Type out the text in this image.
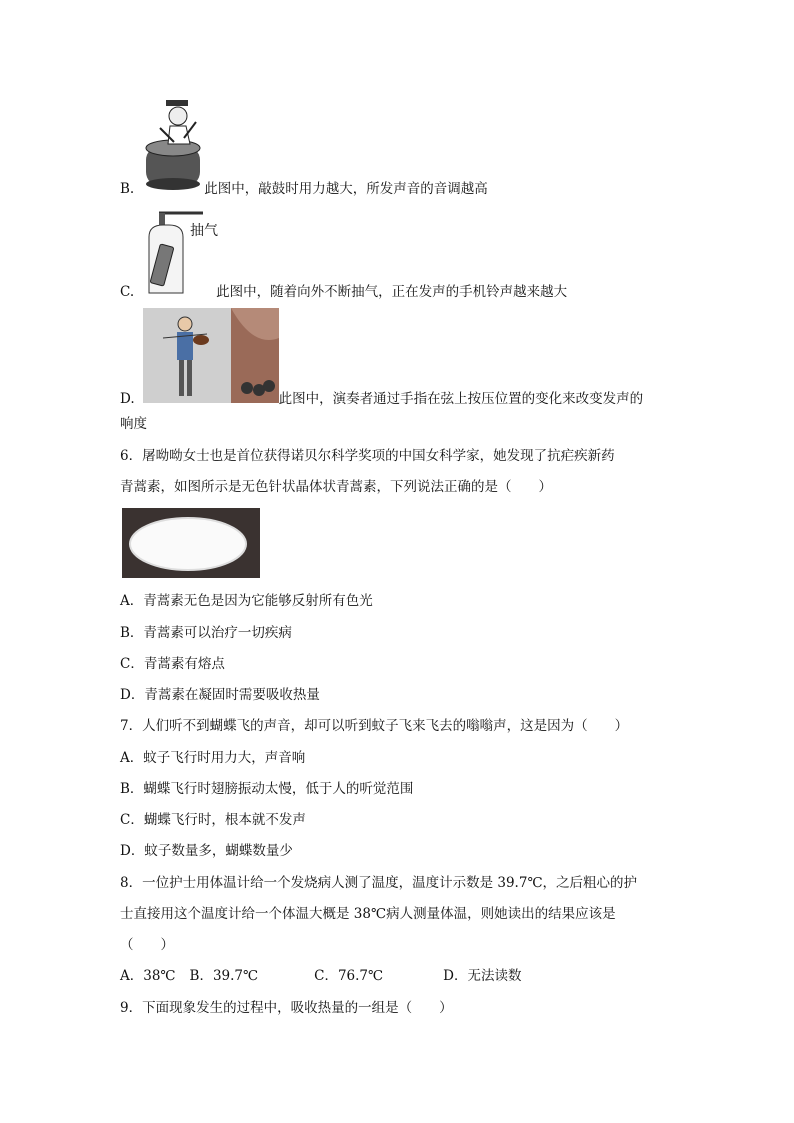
B.	此图中，敲鼓时用力越大，所发声音的音调越高
抽气
C.	此图中，随着向外不断抽气，正在发声的手机铃声越来越大
D.	此图中，演奏者通过手指在弦上按压位置的变化来改变发声的
响度
6．屠呦呦女士也是首位获得诺贝尔科学奖项的中国女科学家，她发现了抗疟疾新药
青蒿素，如图所示是无色针状晶体状青蒿素，下列说法正确的是（　　）
A．青蒿素无色是因为它能够反射所有色光
B．青蒿素可以治疗一切疾病
C．青蒿素有熔点
D．青蒿素在凝固时需要吸收热量
7．人们听不到蝴蝶飞的声音，却可以听到蚊子飞来飞去的嗡嗡声，这是因为（　　）
A．蚊子飞行时用力大，声音响
B．蝴蝶飞行时翅膀振动太慢，低于人的听觉范围
C．蝴蝶飞行时，根本就不发声
D．蚊子数量多，蝴蝶数量少
8．一位护士用体温计给一个发烧病人测了温度，温度计示数是 39.7℃，之后粗心的护
士直接用这个温度计给一个体温大概是 38℃病人测量体温，则她读出的结果应该是
（　　）
A．38℃ B．39.7℃	C．76.7℃	D．无法读数
9．下面现象发生的过程中，吸收热量的一组是（　　）
